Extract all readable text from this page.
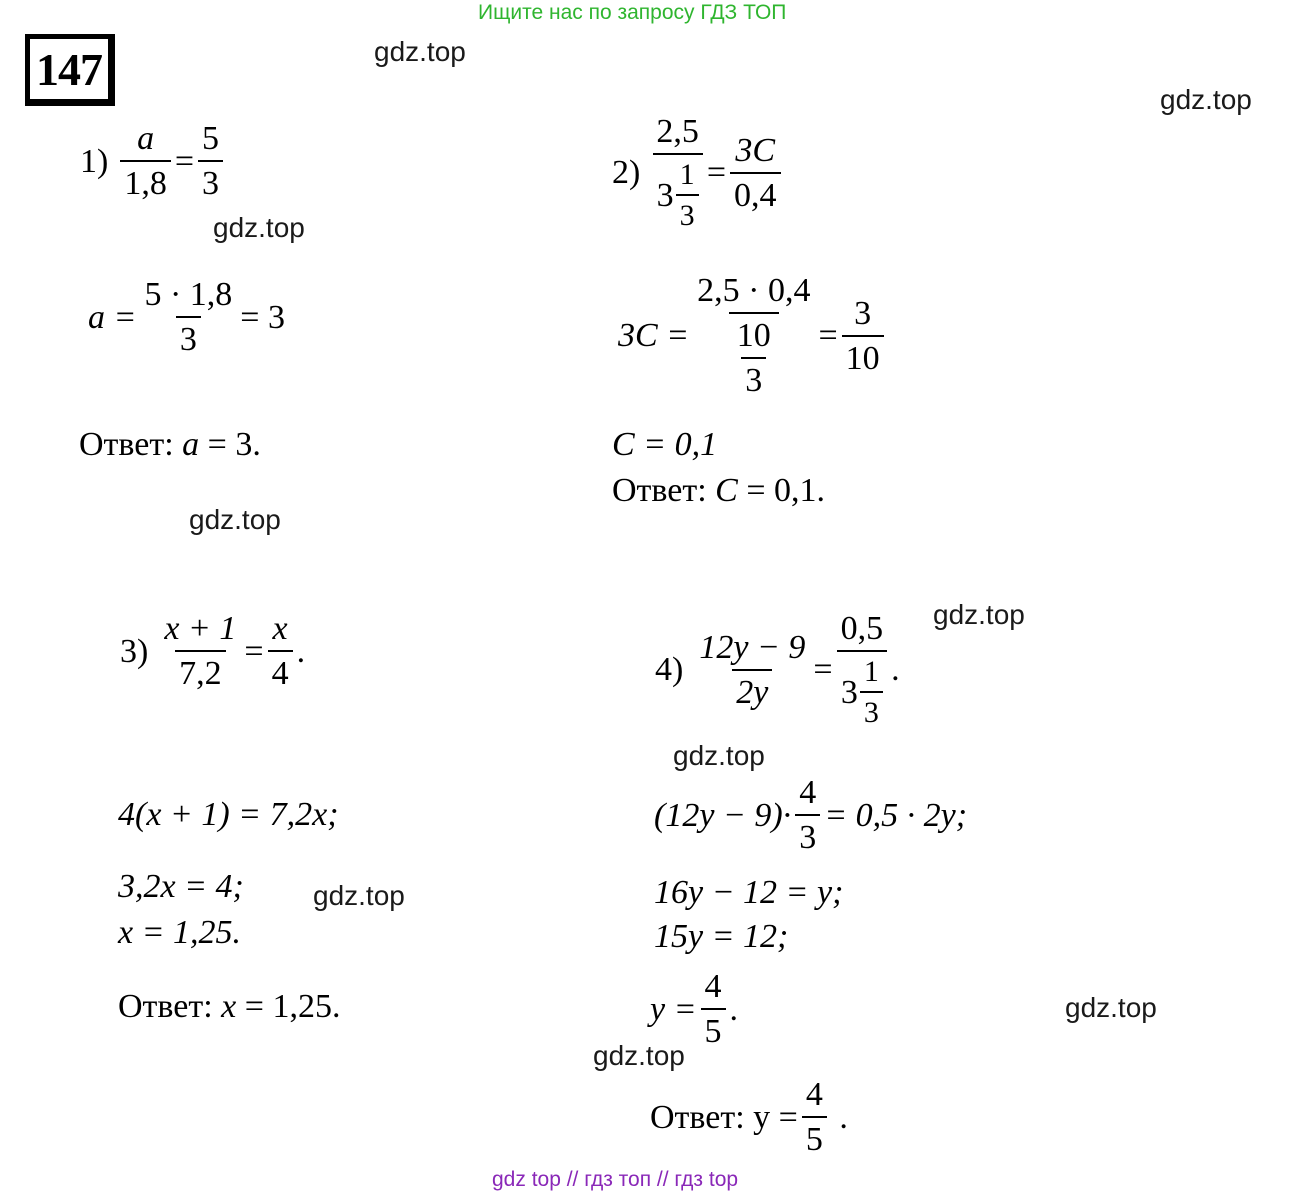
Ищите нас по запросу ГДЗ ТОП
gdz top // гдз топ // гдз top
147	gdz.top
gdz.top
gdz.top
gdz.top
gdz.top
gdz.top
gdz.top
gdz.top
gdz.top
$1) \frac{a}{1,8} = \frac{5}{3}$
$a = \frac{5 \cdot 1,8}{3} = 3$
Ответ: a = 3.
$2) \frac{2,5}{3 \frac{1}{3}} = \frac{3C}{0,4}$
$3C = \frac{2,5 \cdot 0,4}{\frac{10}{3}} = \frac{3}{10}$
C = 0,1
Ответ: C = 0,1.
$3) \frac{x + 1}{7,2} = \frac{x}{4}$ .
4(x + 1) = 7,2x;
3,2x = 4;
x = 1,25.
Ответ: x = 1,25.
$4) \frac{12y - 9}{2y} = \frac{0,5}{3 \frac{1}{3}}$ .
$(12y - 9)\cdot \frac{4}{3} = 0,5 \cdot 2y$;
16y − 12 = y;
15y = 12;
$y = \frac{4}{5}$ .
Ответ: $y = \frac{4}{5}$ .
